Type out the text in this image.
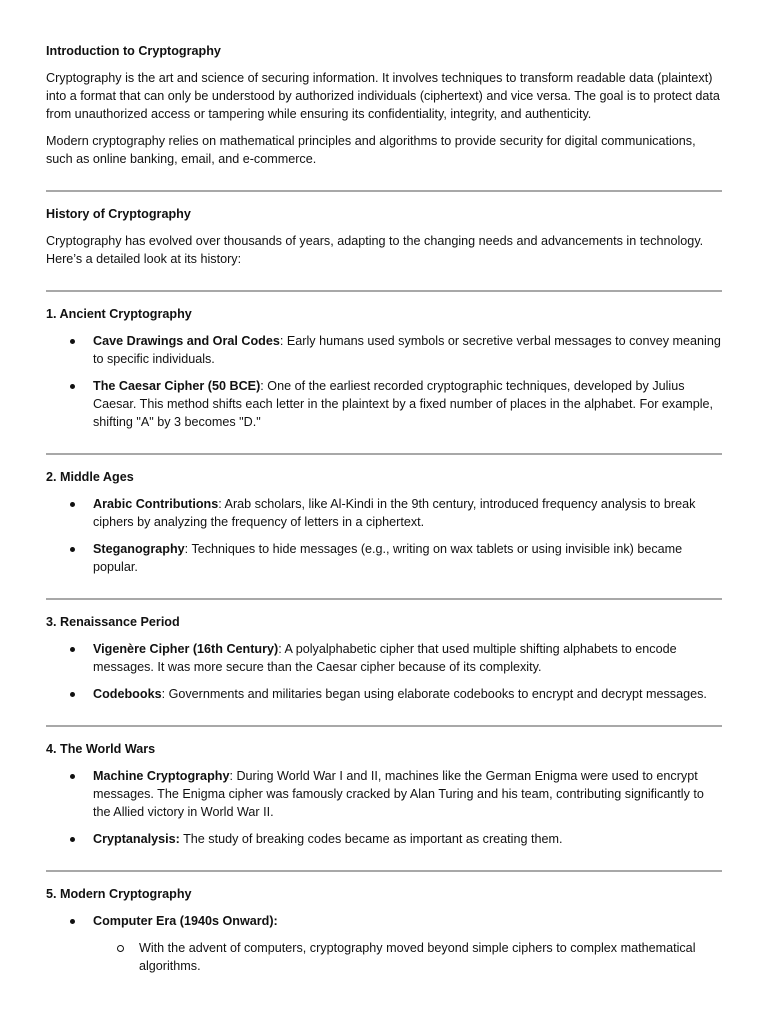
Introduction to Cryptography

Cryptography is the art and science of securing information. It involves techniques to transform readable data (plaintext) into a format that can only be understood by authorized individuals (ciphertext) and vice versa. The goal is to protect data from unauthorized access or tampering while ensuring its confidentiality, integrity, and authenticity.

Modern cryptography relies on mathematical principles and algorithms to provide security for digital communications, such as online banking, email, and e-commerce.

History of Cryptography

Cryptography has evolved over thousands of years, adapting to the changing needs and advancements in technology. Here’s a detailed look at its history:

1. Ancient Cryptography
Cave Drawings and Oral Codes: Early humans used symbols or secretive verbal messages to convey meaning to specific individuals.
The Caesar Cipher (50 BCE): One of the earliest recorded cryptographic techniques, developed by Julius Caesar. This method shifts each letter in the plaintext by a fixed number of places in the alphabet. For example, shifting "A" by 3 becomes "D."
2. Middle Ages
Arabic Contributions: Arab scholars, like Al-Kindi in the 9th century, introduced frequency analysis to break ciphers by analyzing the frequency of letters in a ciphertext.
Steganography: Techniques to hide messages (e.g., writing on wax tablets or using invisible ink) became popular.
3. Renaissance Period
Vigenère Cipher (16th Century): A polyalphabetic cipher that used multiple shifting alphabets to encode messages. It was more secure than the Caesar cipher because of its complexity.
Codebooks: Governments and militaries began using elaborate codebooks to encrypt and decrypt messages.
4. The World Wars
Machine Cryptography: During World War I and II, machines like the German Enigma were used to encrypt messages. The Enigma cipher was famously cracked by Alan Turing and his team, contributing significantly to the Allied victory in World War II.
Cryptanalysis: The study of breaking codes became as important as creating them.
5. Modern Cryptography
Computer Era (1940s Onward):
With the advent of computers, cryptography moved beyond simple ciphers to complex mathematical algorithms.
